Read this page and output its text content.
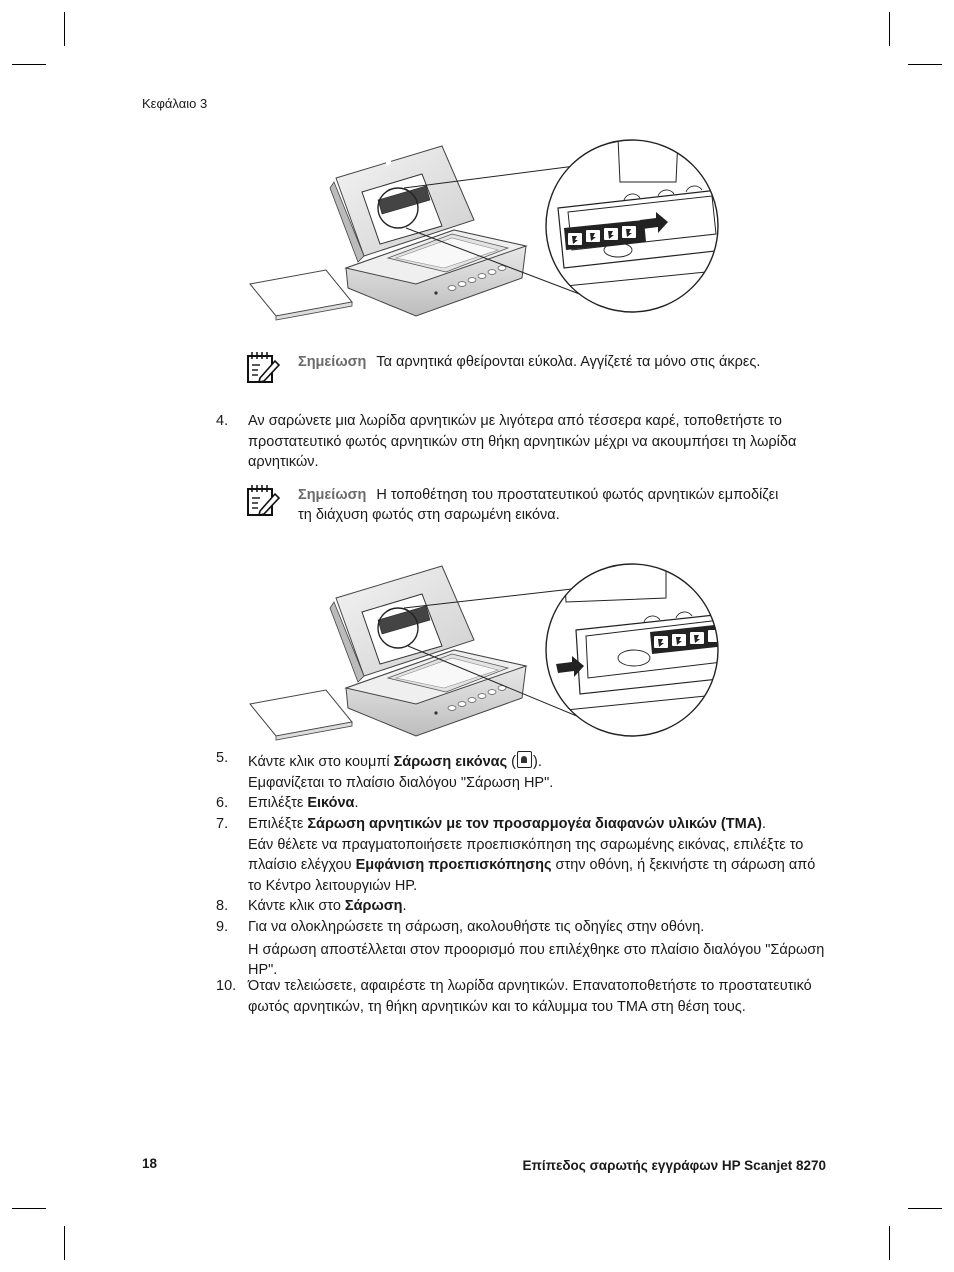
Κεφάλαιο 3
Σημείωση Τα αρνητικά φθείρονται εύκολα. Αγγίζετέ τα μόνο στις άκρες.
4. Αν σαρώνετε μια λωρίδα αρνητικών με λιγότερα από τέσσερα καρέ, τοποθετήστε το προστατευτικό φωτός αρνητικών στη θήκη αρνητικών μέχρι να ακουμπήσει τη λωρίδα αρνητικών.
Σημείωση Η τοποθέτηση του προστατευτικού φωτός αρνητικών εμποδίζει τη διάχυση φωτός στη σαρωμένη εικόνα.
5. Κάντε κλικ στο κουμπί Σάρωση εικόνας ( ).

Εμφανίζεται το πλαίσιο διαλόγου "Σάρωση HP".

6. Επιλέξτε Εικόνα.
7. Επιλέξτε Σάρωση αρνητικών με τον προσαρμογέα διαφανών υλικών (TMA).

Εάν θέλετε να πραγματοποιήσετε προεπισκόπηση της σαρωμένης εικόνας, επιλέξτε το πλαίσιο ελέγχου Εμφάνιση προεπισκόπησης στην οθόνη, ή ξεκινήστε τη σάρωση από το Κέντρο λειτουργιών HP.

8. Κάντε κλικ στο Σάρωση.
9. Για να ολοκληρώσετε τη σάρωση, ακολουθήστε τις οδηγίες στην οθόνη.

Η σάρωση αποστέλλεται στον προορισμό που επιλέχθηκε στο πλαίσιο διαλόγου "Σάρωση HP".

10. Όταν τελειώσετε, αφαιρέστε τη λωρίδα αρνητικών. Επανατοποθετήστε το προστατευτικό φωτός αρνητικών, τη θήκη αρνητικών και το κάλυμμα του TMA στη θέση τους.
18	Επίπεδος σαρωτής εγγράφων HP Scanjet 8270
